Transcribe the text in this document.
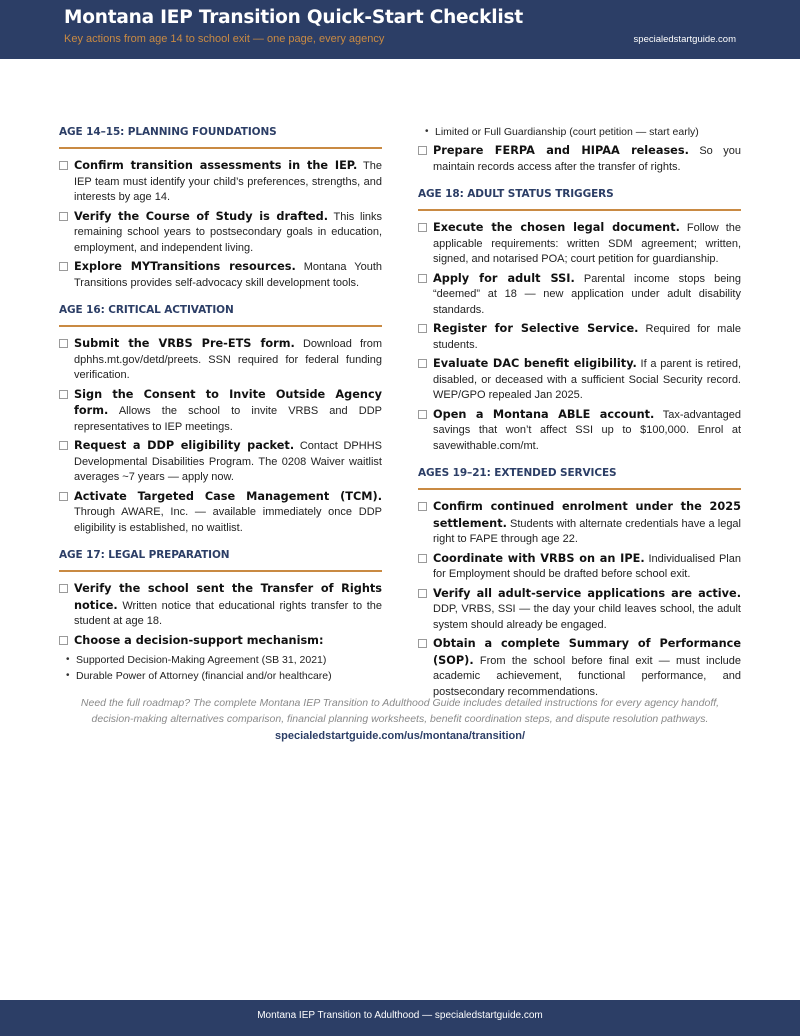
Montana IEP Transition Quick-Start Checklist
Key actions from age 14 to school exit — one page, every agency	specialedstartguide.com
AGE 14–15: PLANNING FOUNDATIONS
Confirm transition assessments in the IEP. The IEP team must identify your child’s preferences, strengths, and interests by age 14.
Verify the Course of Study is drafted. This links remaining school years to postsecondary goals in education, employment, and independent living.
Explore MYTransitions resources. Montana Youth Transitions provides self-advocacy skill development tools.
AGE 16: CRITICAL ACTIVATION
Submit the VRBS Pre-ETS form. Download from dphhs.mt.gov/detd/preets. SSN required for federal funding verification.
Sign the Consent to Invite Outside Agency form. Allows the school to invite VRBS and DDP representatives to IEP meetings.
Request a DDP eligibility packet. Contact DPHHS Developmental Disabilities Program. The 0208 Waiver waitlist averages ~7 years — apply now.
Activate Targeted Case Management (TCM). Through AWARE, Inc. — available immediately once DDP eligibility is established, no waitlist.
AGE 17: LEGAL PREPARATION
Verify the school sent the Transfer of Rights notice. Written notice that educational rights transfer to the student at age 18.
Choose a decision-support mechanism:
• Supported Decision-Making Agreement (SB 31, 2021)
• Durable Power of Attorney (financial and/or healthcare)
• Limited or Full Guardianship (court petition — start early)
Prepare FERPA and HIPAA releases. So you maintain records access after the transfer of rights.
AGE 18: ADULT STATUS TRIGGERS
Execute the chosen legal document. Follow the applicable requirements: written SDM agreement; written, signed, and notarised POA; court petition for guardianship.
Apply for adult SSI. Parental income stops being “deemed” at 18 — new application under adult disability standards.
Register for Selective Service. Required for male students.
Evaluate DAC benefit eligibility. If a parent is retired, disabled, or deceased with a sufficient Social Security record. WEP/GPO repealed Jan 2025.
Open a Montana ABLE account. Tax-advantaged savings that won’t affect SSI up to $100,000. Enrol at savewithable.com/mt.
AGES 19–21: EXTENDED SERVICES
Confirm continued enrolment under the 2025 settlement. Students with alternate credentials have a legal right to FAPE through age 22.
Coordinate with VRBS on an IPE. Individualised Plan for Employment should be drafted before school exit.
Verify all adult-service applications are active. DDP, VRBS, SSI — the day your child leaves school, the adult system should already be engaged.
Obtain a complete Summary of Performance (SOP). From the school before final exit — must include academic achievement, functional performance, and postsecondary recommendations.
Need the full roadmap? The complete Montana IEP Transition to Adulthood Guide includes detailed instructions for every agency handoff, decision-making alternatives comparison, financial planning worksheets, benefit coordination steps, and dispute resolution pathways.
specialedstartguide.com/us/montana/transition/
Montana IEP Transition to Adulthood — specialedstartguide.com
